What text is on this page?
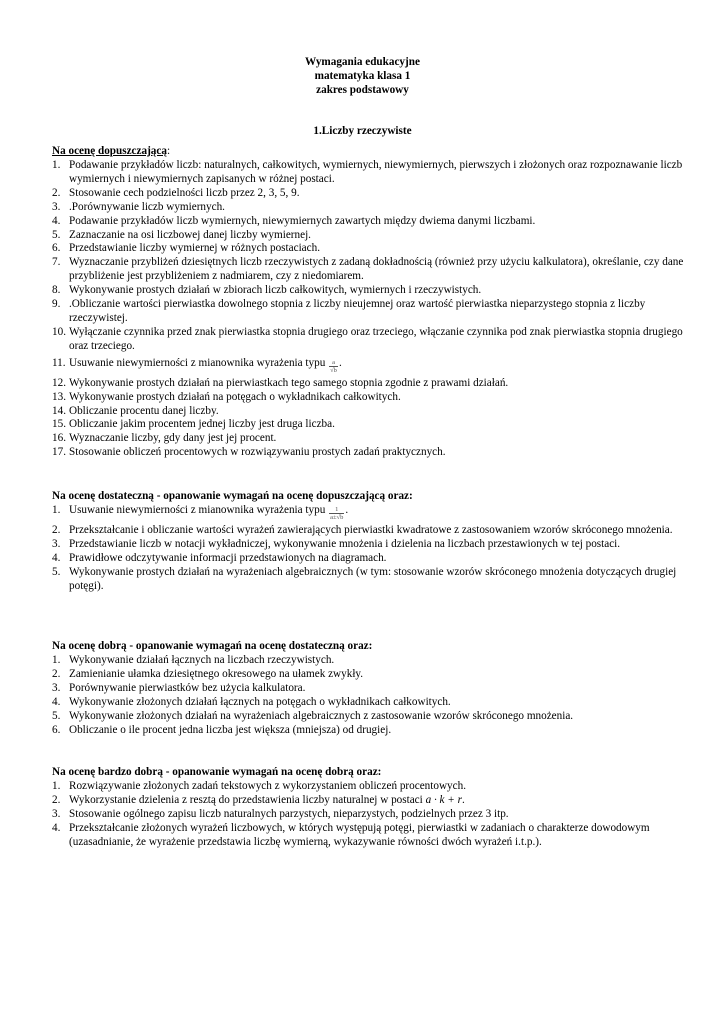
Wymagania edukacyjne
matematyka klasa 1
zakres podstawowy
1.Liczby rzeczywiste
Na ocenę dopuszczającą:
1. Podawanie przykładów liczb: naturalnych, całkowitych, wymiernych, niewymiernych, pierwszych i złożonych oraz rozpoznawanie liczb wymiernych i niewymiernych zapisanych w różnej postaci.
2. Stosowanie cech podzielności liczb przez 2, 3, 5, 9.
3. .Porównywanie liczb wymiernych.
4. Podawanie przykładów liczb wymiernych, niewymiernych zawartych między dwiema danymi liczbami.
5. Zaznaczanie na osi liczbowej danej liczby wymiernej.
6. Przedstawianie liczby wymiernej w różnych postaciach.
7. Wyznaczanie przybliżeń dziesiętnych liczb rzeczywistych z zadaną dokładnością (również przy użyciu kalkulatora), określanie, czy dane przybliżenie jest przybliżeniem z nadmiarem, czy z niedomiarem.
8. Wykonywanie prostych działań w zbiorach liczb całkowitych, wymiernych i rzeczywistych.
9. .Obliczanie wartości pierwiastka dowolnego stopnia z liczby nieujemnej oraz wartość pierwiastka nieparzystego stopnia z liczby rzeczywistej.
10. Wyłączanie czynnika przed znak pierwiastka stopnia drugiego oraz trzeciego, włączanie czynnika pod znak pierwiastka stopnia drugiego oraz trzeciego.
11. Usuwanie niewymierności z mianownika wyrażenia typu $\frac{a}{√b}$ .
12. Wykonywanie prostych działań na pierwiastkach tego samego stopnia zgodnie z prawami działań.
13. Wykonywanie prostych działań na potęgach o wykładnikach całkowitych.
14. Obliczanie procentu danej liczby.
15. Obliczanie jakim procentem jednej liczby jest druga liczba.
16. Wyznaczanie liczby, gdy dany jest jej procent.
17. Stosowanie obliczeń procentowych w rozwiązywaniu prostych zadań praktycznych.
Na ocenę dostateczną - opanowanie wymagań na ocenę dopuszczającą oraz:
1. Usuwanie niewymierności z mianownika wyrażenia typu $\frac{1}{a\pm√b}$ .
2. Przekształcanie i obliczanie wartości wyrażeń zawierających pierwiastki kwadratowe z zastosowaniem wzorów skróconego mnożenia.
3. Przedstawianie liczb w notacji wykładniczej, wykonywanie mnożenia i dzielenia na liczbach przestawionych w tej postaci.
4. Prawidłowe odczytywanie informacji przedstawionych na diagramach.
5. Wykonywanie prostych działań na wyrażeniach algebraicznych (w tym: stosowanie wzorów skróconego mnożenia dotyczących drugiej potęgi).
Na ocenę dobrą - opanowanie wymagań na ocenę dostateczną oraz:
1. Wykonywanie działań łącznych na liczbach rzeczywistych.
2. Zamienianie ułamka dziesiętnego okresowego na ułamek zwykły.
3. Porównywanie pierwiastków bez użycia kalkulatora.
4. Wykonywanie złożonych działań łącznych na potęgach o wykładnikach całkowitych.
5. Wykonywanie złożonych działań na wyrażeniach algebraicznych z zastosowanie wzorów skróconego mnożenia.
6. Obliczanie o ile procent jedna liczba jest większa (mniejsza) od drugiej.
Na ocenę bardzo dobrą - opanowanie wymagań na ocenę dobrą oraz:
1. Rozwiązywanie złożonych zadań tekstowych z wykorzystaniem obliczeń procentowych.
2. Wykorzystanie dzielenia z resztą do przedstawienia liczby naturalnej w postaci a · k + r.
3. Stosowanie ogólnego zapisu liczb naturalnych parzystych, nieparzystych, podzielnych przez 3 itp.
4. Przekształcanie złożonych wyrażeń liczbowych, w których występują potęgi, pierwiastki w zadaniach o charakterze dowodowym (uzasadnianie, że wyrażenie przedstawia liczbę wymierną, wykazywanie równości dwóch wyrażeń i.t.p.).
